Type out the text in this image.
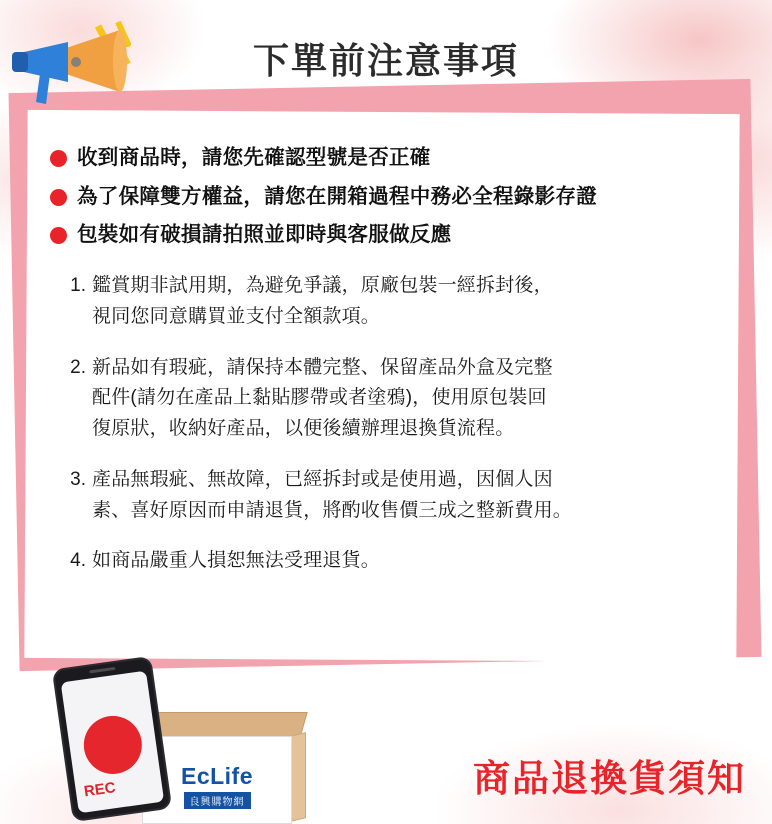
下單前注意事項
收到商品時，請您先確認型號是否正確
為了保障雙方權益，請您在開箱過程中務必全程錄影存證
包裝如有破損請拍照並即時與客服做反應
1. 鑑賞期非試用期，為避免爭議，原廠包裝一經拆封後，
視同您同意購買並支付全額款項。
2. 新品如有瑕疵，請保持本體完整、保留產品外盒及完整
配件(請勿在產品上黏貼膠帶或者塗鴉)，使用原包裝回
復原狀，收納好產品，以便後續辦理退換貨流程。
3. 產品無瑕疵、無故障，已經拆封或是使用過，因個人因
素、喜好原因而申請退貨，將酌收售價三成之整新費用。
4. 如商品嚴重人損恕無法受理退貨。
REC
EcLife
良興購物網
商品退換貨須知
